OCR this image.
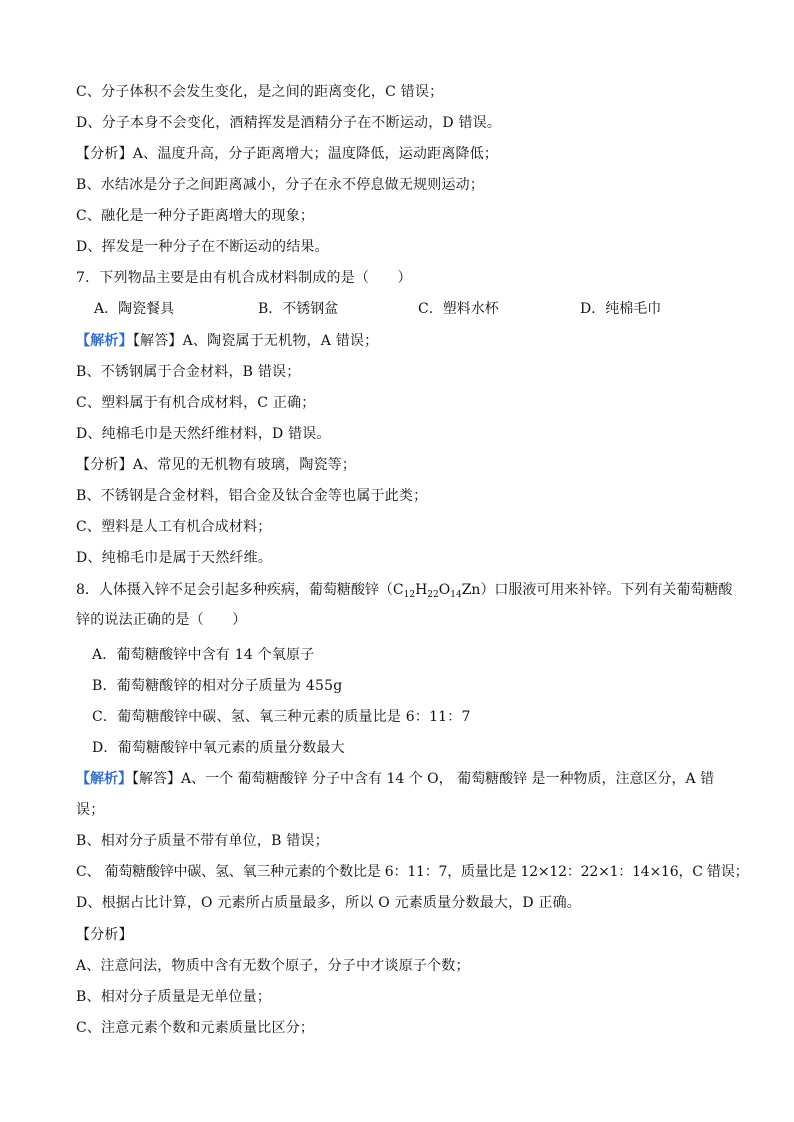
C、分子体积不会发生变化，是之间的距离变化，C 错误；
D、分子本身不会变化，酒精挥发是酒精分子在不断运动，D 错误。
【分析】A、温度升高，分子距离增大；温度降低，运动距离降低；
B、水结冰是分子之间距离减小，分子在永不停息做无规则运动；
C、融化是一种分子距离增大的现象；
D、挥发是一种分子在不断运动的结果。
7．下列物品主要是由有机合成材料制成的是（　　）
A．陶瓷餐具	B．不锈钢盆	C．塑料水杯	D．纯棉毛巾
【解析】【解答】A、陶瓷属于无机物，A 错误；
B、不锈钢属于合金材料，B 错误；
C、塑料属于有机合成材料，C 正确；
D、纯棉毛巾是天然纤维材料，D 错误。
【分析】A、常见的无机物有玻璃，陶瓷等；
B、不锈钢是合金材料，铝合金及钛合金等也属于此类；
C、塑料是人工有机合成材料；
D、纯棉毛巾是属于天然纤维。
8．人体摄入锌不足会引起多种疾病，葡萄糖酸锌$(C_{12}H_{22}O_{14}Zn)$口服液可用来补锌。下列有关葡萄糖酸
锌的说法正确的是（　　）
A．葡萄糖酸锌中含有 14 个氧原子
B．葡萄糖酸锌的相对分子质量为 455g
C．葡萄糖酸锌中碳、氢、氧三种元素的质量比是 6：11：7
D．葡萄糖酸锌中氧元素的质量分数最大
【解析】【解答】A、一个 葡萄糖酸锌 分子中含有 14 个 O， 葡萄糖酸锌 是一种物质，注意区分，A 错
误；
B、相对分子质量不带有单位，B 错误；
C、 葡萄糖酸锌中碳、氢、氧三种元素的个数比是 6：11：7，质量比是 12×12：22×1：14×16，C 错误；
D、根据占比计算，O 元素所占质量最多，所以 O 元素质量分数最大，D 正确。
【分析】
A、注意问法，物质中含有无数个原子，分子中才谈原子个数；
B、相对分子质量是无单位量；
C、注意元素个数和元素质量比区分；
